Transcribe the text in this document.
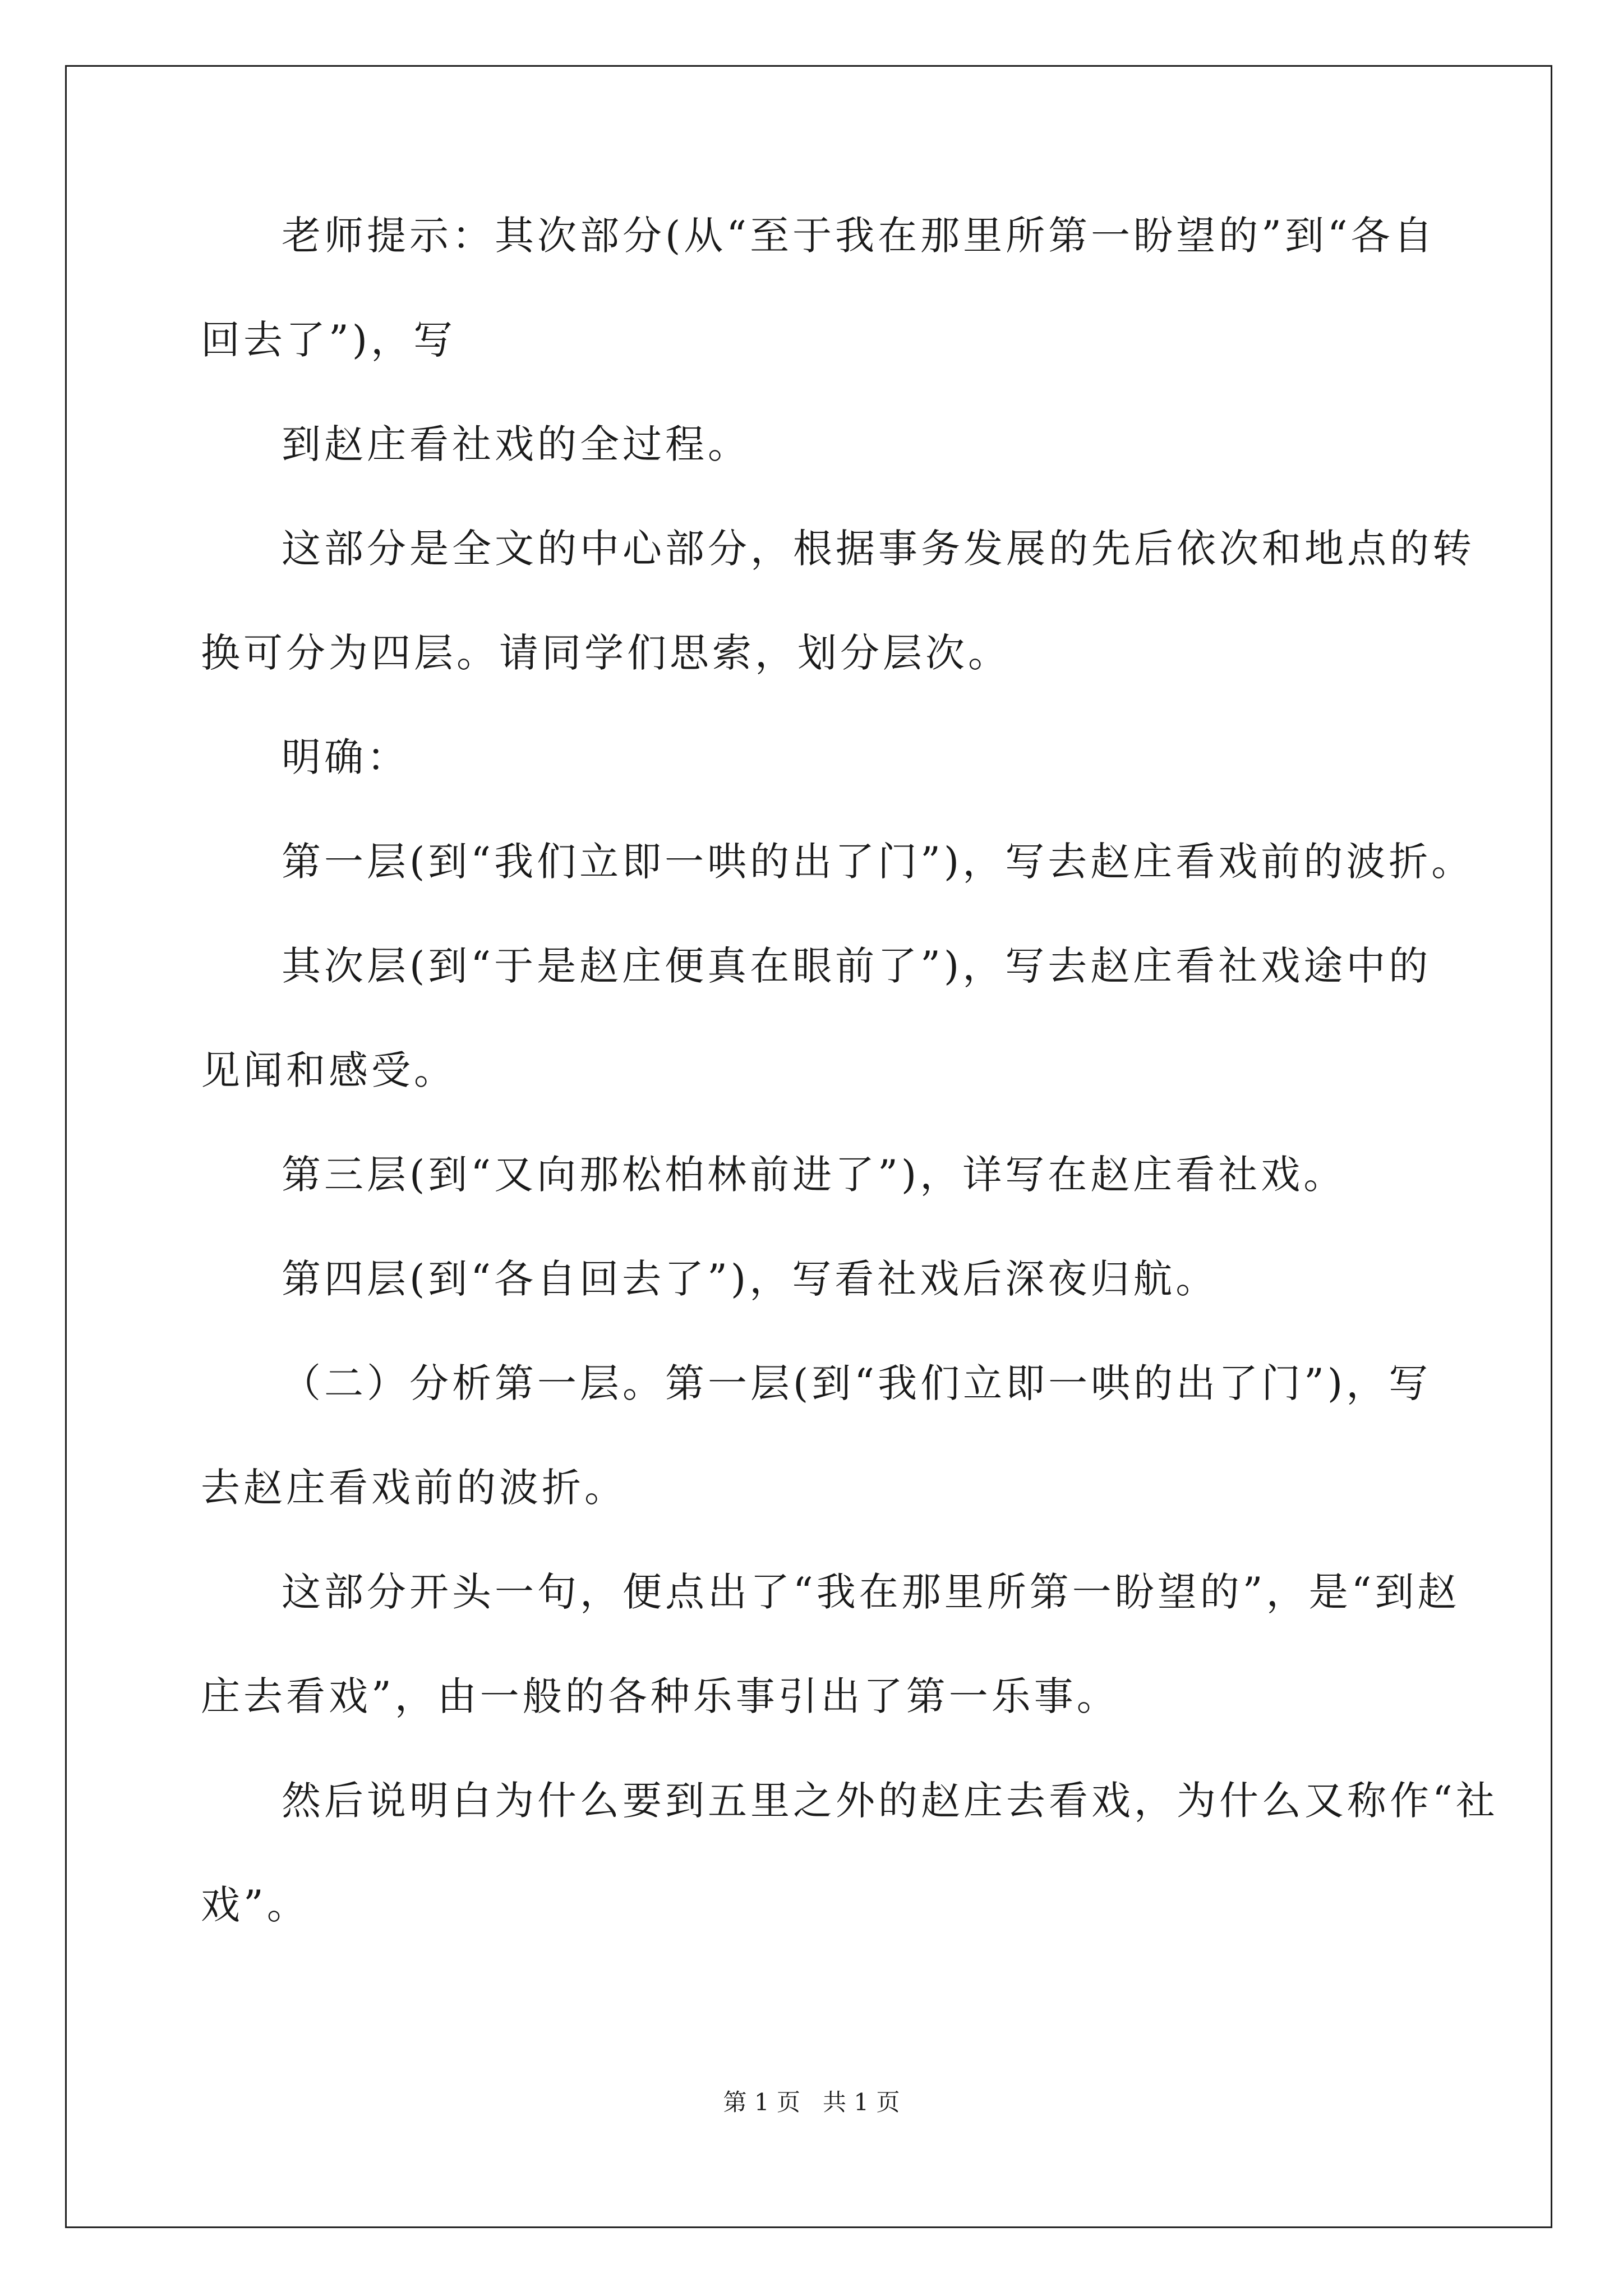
老师提示：其次部分(从“至于我在那里所第一盼望的”到“各自
回去了”)，写
到赵庄看社戏的全过程。
这部分是全文的中心部分，根据事务发展的先后依次和地点的转
换可分为四层。请同学们思索，划分层次。
明确：
第一层(到“我们立即一哄的出了门”)，写去赵庄看戏前的波折。
其次层(到“于是赵庄便真在眼前了”)，写去赵庄看社戏途中的
见闻和感受。
第三层(到“又向那松柏林前进了”)，详写在赵庄看社戏。
第四层(到“各自回去了”)，写看社戏后深夜归航。
（二）分析第一层。第一层(到“我们立即一哄的出了门”)，写
去赵庄看戏前的波折。
这部分开头一句，便点出了“我在那里所第一盼望的”，是“到赵
庄去看戏”，由一般的各种乐事引出了第一乐事。
然后说明白为什么要到五里之外的赵庄去看戏，为什么又称作“社
戏”。
第 1 页   共 1 页
